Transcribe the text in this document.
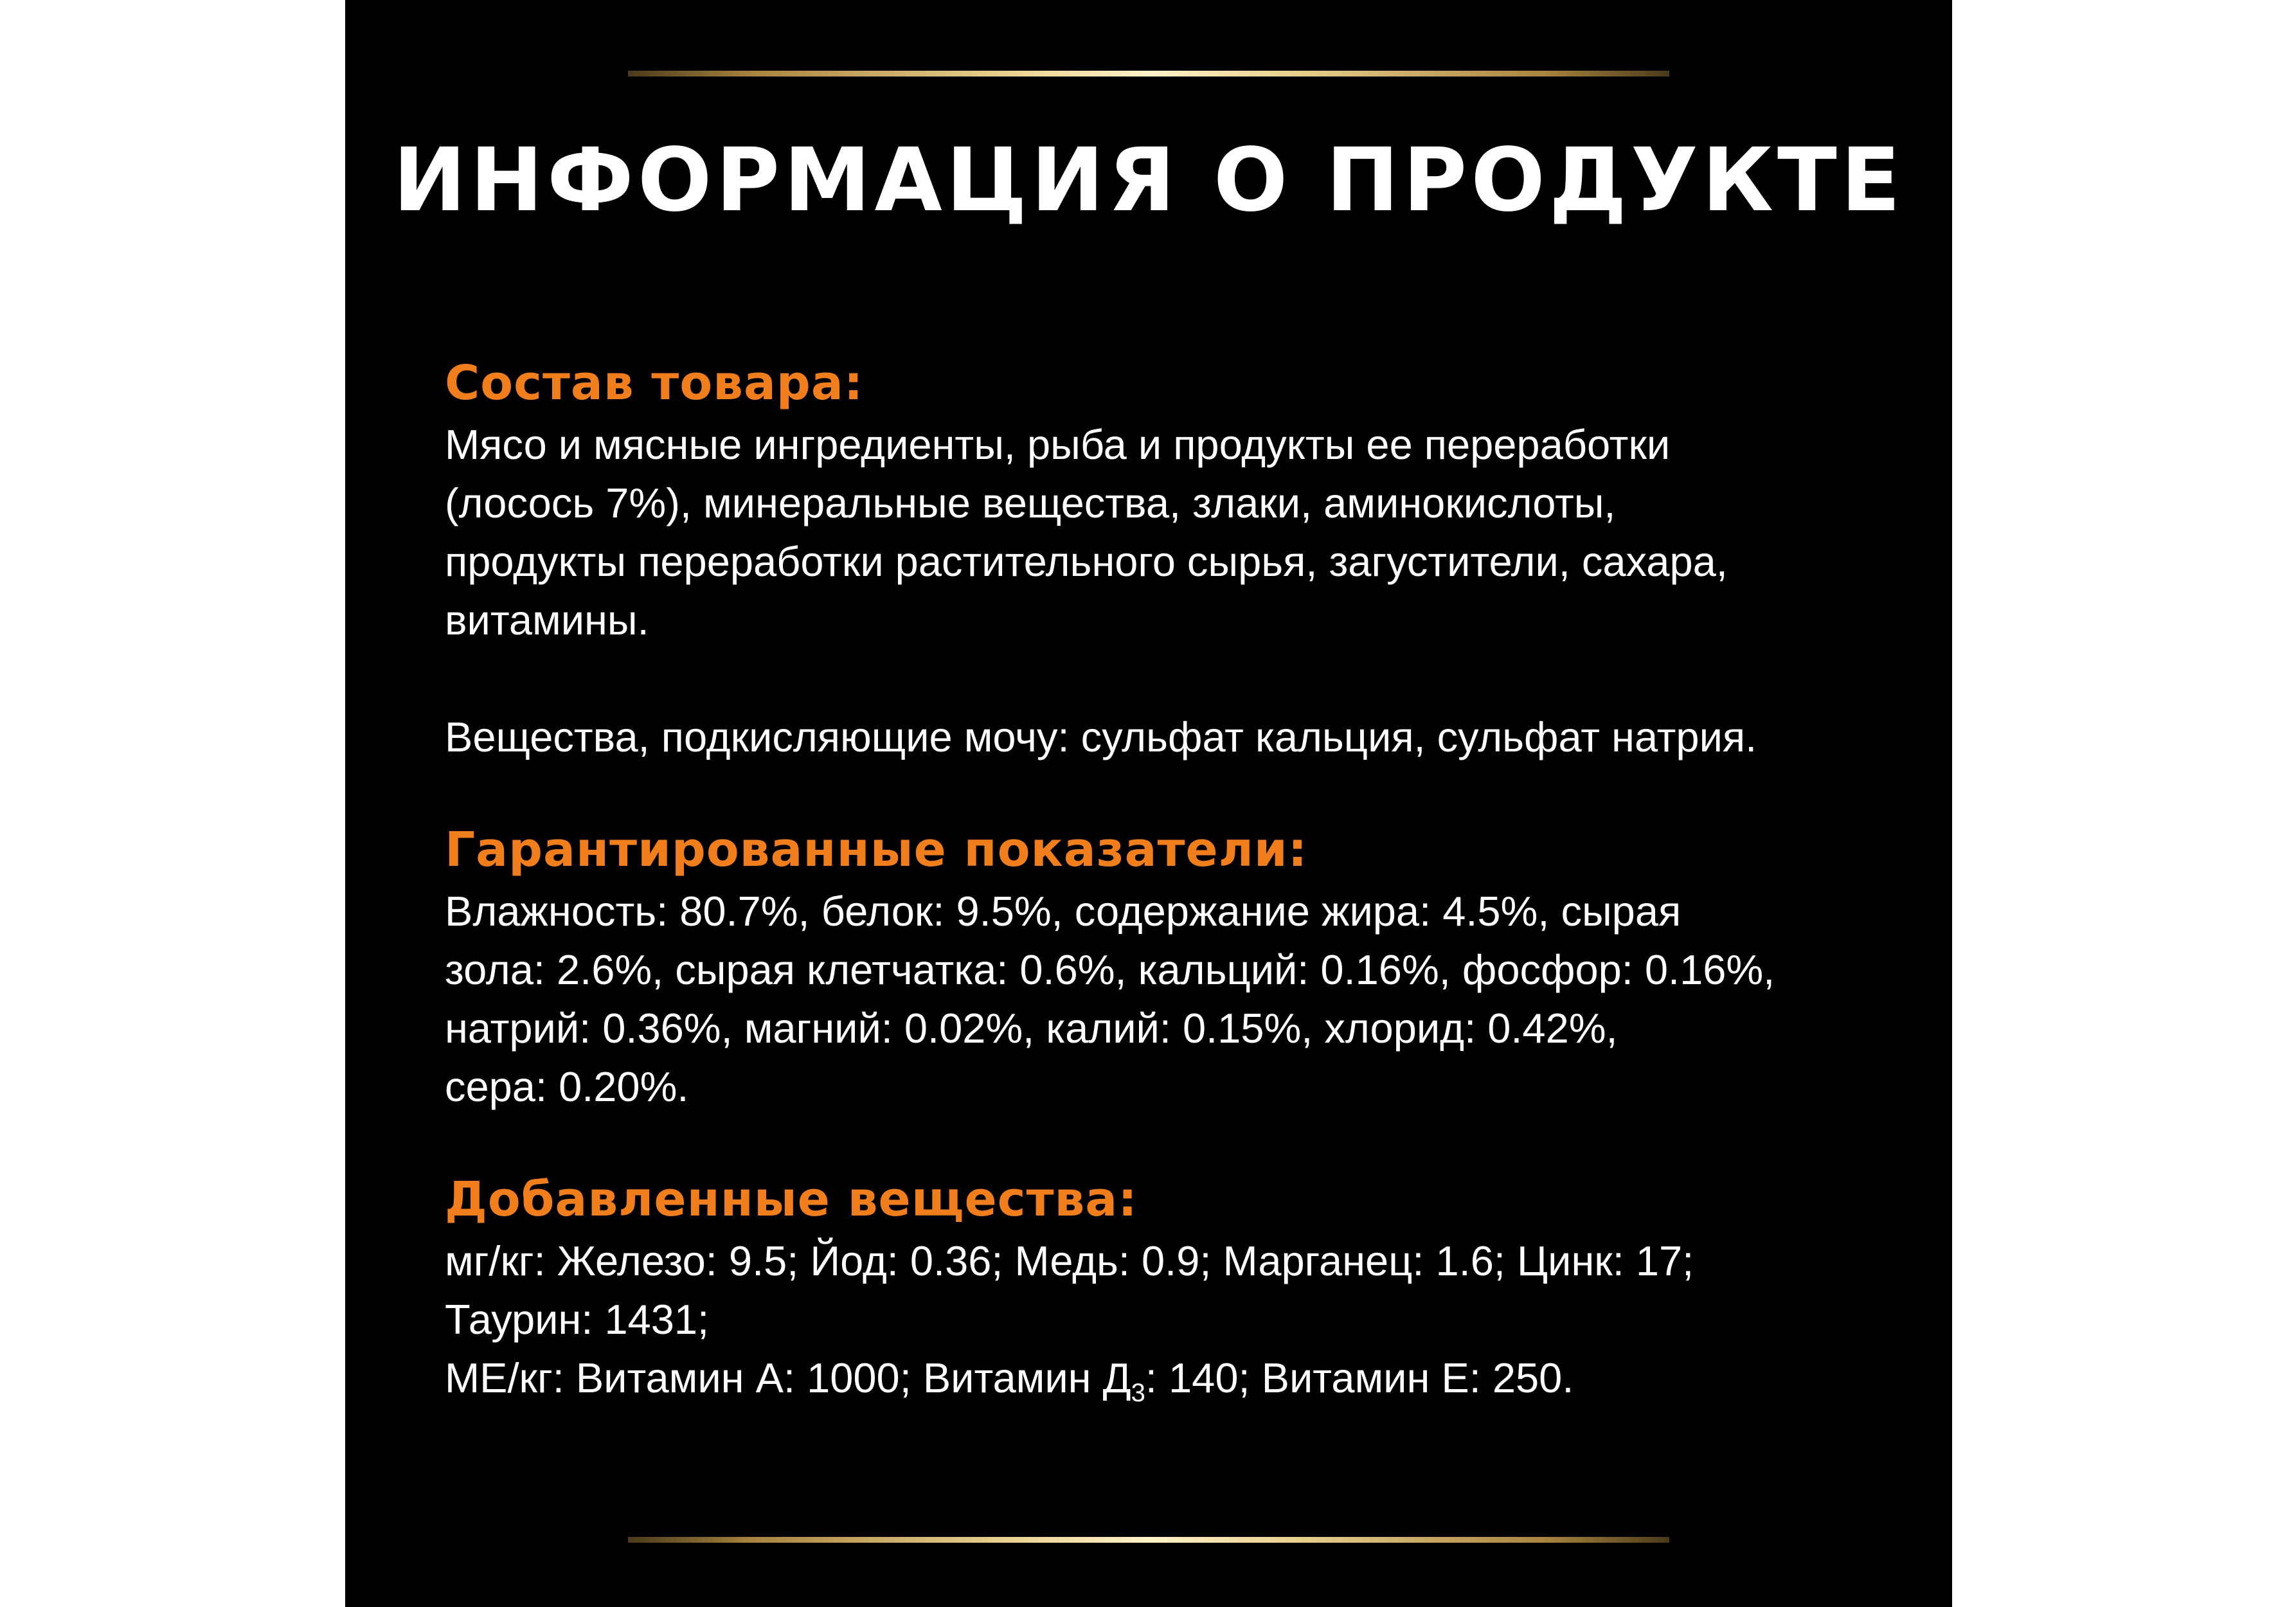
ИНФОРМАЦИЯ О ПРОДУКТЕ
Состав товара:
Мясо и мясные ингредиенты, рыба и продукты ее переработки
(лосось 7%), минеральные вещества, злаки, аминокислоты,
продукты переработки растительного сырья, загустители, сахара,
витамины.
Вещества, подкисляющие мочу: сульфат кальция, сульфат натрия.
Гарантированные показатели:
Влажность: 80.7%, белок: 9.5%, содержание жира: 4.5%, сырая
зола: 2.6%, сырая клетчатка: 0.6%, кальций: 0.16%, фосфор: 0.16%,
натрий: 0.36%, магний: 0.02%, калий: 0.15%, хлорид: 0.42%,
сера: 0.20%.
Добавленные вещества:
мг/кг: Железо: 9.5; Йод: 0.36; Медь: 0.9; Марганец: 1.6; Цинк: 17;
Таурин: 1431;
МЕ/кг: Витамин А: 1000; Витамин $Д_3$: 140; Витамин Е: 250.
